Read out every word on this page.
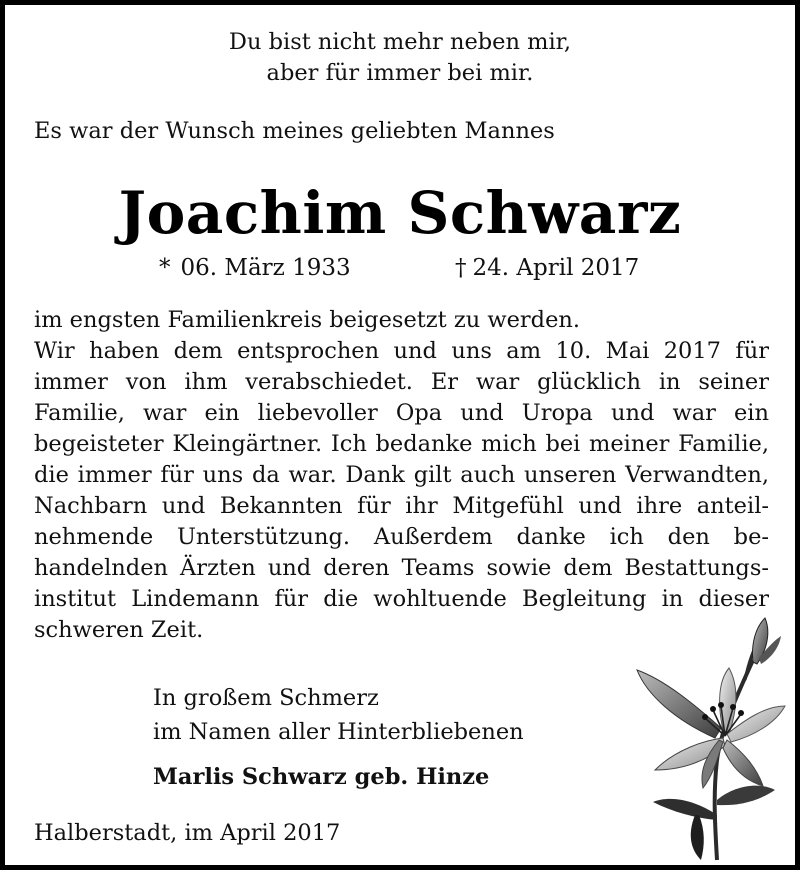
Du bist nicht mehr neben mir,

aber für immer bei mir.

Es war der Wunsch meines geliebten Mannes

Joachim Schwarz
* 06. März 1933	† 24. April 2017
im engsten Familienkreis beigesetzt zu werden.
Wir haben dem entsprochen und uns am 10. Mai 2017 für
immer von ihm verabschiedet. Er war glücklich in seiner
Familie, war ein liebevoller Opa und Uropa und war ein
begeisteter Kleingärtner. Ich bedanke mich bei meiner Familie,
die immer für uns da war. Dank gilt auch unseren Verwandten,
Nachbarn und Bekannten für ihr Mitgefühl und ihre anteil-
nehmende Unterstützung. Außerdem danke ich den be-
handelnden Ärzten und deren Teams sowie dem Bestattungs-
institut Lindemann für die wohltuende Begleitung in dieser
schweren Zeit.
In großem Schmerz
im Namen aller Hinterbliebenen

Marlis Schwarz geb. Hinze

Halberstadt, im April 2017
